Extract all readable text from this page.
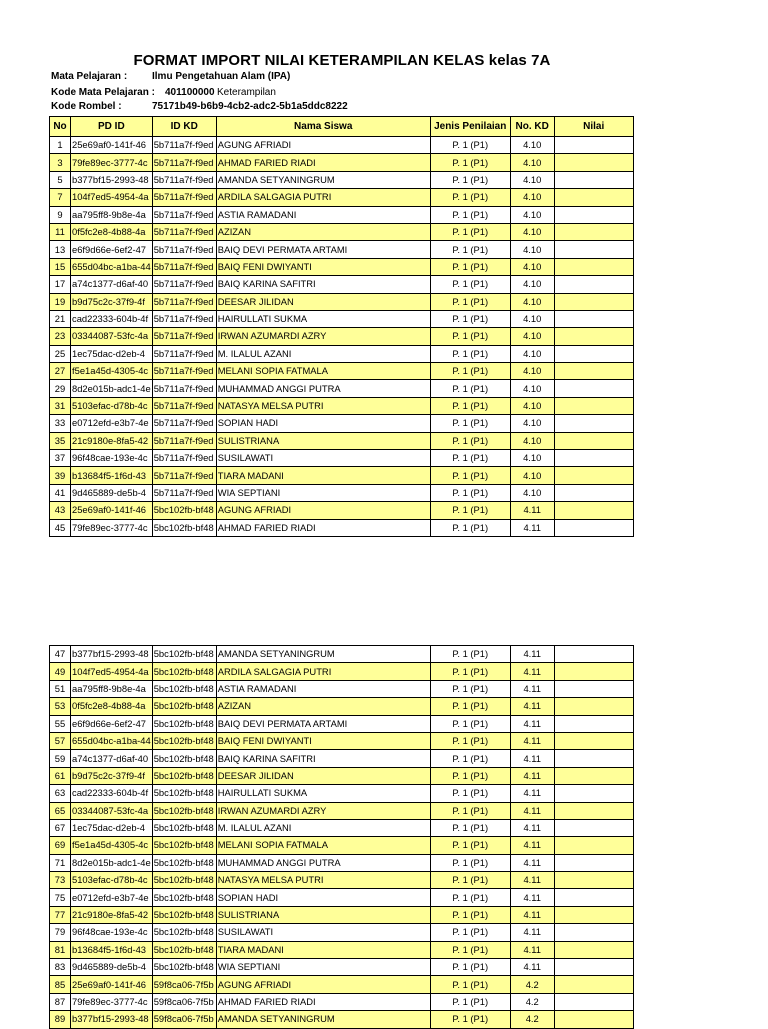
FORMAT IMPORT NILAI KETERAMPILAN KELAS kelas 7A
Mata Pelajaran : Ilmu Pengetahuan Alam (IPA)
Kode Mata Pelajaran : 401100000 Keterampilan
Kode Rombel :	75171b49-b6b9-4cb2-adc2-5b1a5ddc8222
No	PD ID	ID KD	Nama Siswa	Jenis Penilaian	No. KD	Nilai
1	25e69af0-141f-46	5b711a7f-f9ed	AGUNG AFRIADI	P. 1 (P1)	4.10	
3	79fe89ec-3777-4c	5b711a7f-f9ed	AHMAD FARIED RIADI	P. 1 (P1)	4.10	
5	b377bf15-2993-48	5b711a7f-f9ed	AMANDA SETYANINGRUM	P. 1 (P1)	4.10	
7	104f7ed5-4954-4a	5b711a7f-f9ed	ARDILA SALGAGIA PUTRI	P. 1 (P1)	4.10	
9	aa795ff8-9b8e-4a	5b711a7f-f9ed	ASTIA RAMADANI	P. 1 (P1)	4.10	
11	0f5fc2e8-4b88-4a	5b711a7f-f9ed	AZIZAN	P. 1 (P1)	4.10	
13	e6f9d66e-6ef2-47	5b711a7f-f9ed	BAIQ DEVI PERMATA ARTAMI	P. 1 (P1)	4.10	
15	655d04bc-a1ba-44	5b711a7f-f9ed	BAIQ FENI DWIYANTI	P. 1 (P1)	4.10	
17	a74c1377-d6af-40	5b711a7f-f9ed	BAIQ KARINA SAFITRI	P. 1 (P1)	4.10	
19	b9d75c2c-37f9-4f	5b711a7f-f9ed	DEESAR JILIDAN	P. 1 (P1)	4.10	
21	cad22333-604b-4f	5b711a7f-f9ed	HAIRULLATI SUKMA	P. 1 (P1)	4.10	
23	03344087-53fc-4a	5b711a7f-f9ed	IRWAN AZUMARDI AZRY	P. 1 (P1)	4.10	
25	1ec75dac-d2eb-4	5b711a7f-f9ed	M. ILALUL AZANI	P. 1 (P1)	4.10	
27	f5e1a45d-4305-4c	5b711a7f-f9ed	MELANI SOPIA FATMALA	P. 1 (P1)	4.10	
29	8d2e015b-adc1-4e	5b711a7f-f9ed	MUHAMMAD ANGGI PUTRA	P. 1 (P1)	4.10	
31	5103efac-d78b-4c	5b711a7f-f9ed	NATASYA MELSA PUTRI	P. 1 (P1)	4.10	
33	e0712efd-e3b7-4e	5b711a7f-f9ed	SOPIAN HADI	P. 1 (P1)	4.10	
35	21c9180e-8fa5-42	5b711a7f-f9ed	SULISTRIANA	P. 1 (P1)	4.10	
37	96f48cae-193e-4c	5b711a7f-f9ed	SUSILAWATI	P. 1 (P1)	4.10	
39	b13684f5-1f6d-43	5b711a7f-f9ed	TIARA MADANI	P. 1 (P1)	4.10	
41	9d465889-de5b-4	5b711a7f-f9ed	WIA SEPTIANI	P. 1 (P1)	4.10	
43	25e69af0-141f-46	5bc102fb-bf48	AGUNG AFRIADI	P. 1 (P1)	4.11	
45	79fe89ec-3777-4c	5bc102fb-bf48	AHMAD FARIED RIADI	P. 1 (P1)	4.11	
47	b377bf15-2993-48	5bc102fb-bf48	AMANDA SETYANINGRUM	P. 1 (P1)	4.11	
49	104f7ed5-4954-4a	5bc102fb-bf48	ARDILA SALGAGIA PUTRI	P. 1 (P1)	4.11	
51	aa795ff8-9b8e-4a	5bc102fb-bf48	ASTIA RAMADANI	P. 1 (P1)	4.11	
53	0f5fc2e8-4b88-4a	5bc102fb-bf48	AZIZAN	P. 1 (P1)	4.11	
55	e6f9d66e-6ef2-47	5bc102fb-bf48	BAIQ DEVI PERMATA ARTAMI	P. 1 (P1)	4.11	
57	655d04bc-a1ba-44	5bc102fb-bf48	BAIQ FENI DWIYANTI	P. 1 (P1)	4.11	
59	a74c1377-d6af-40	5bc102fb-bf48	BAIQ KARINA SAFITRI	P. 1 (P1)	4.11	
61	b9d75c2c-37f9-4f	5bc102fb-bf48	DEESAR JILIDAN	P. 1 (P1)	4.11	
63	cad22333-604b-4f	5bc102fb-bf48	HAIRULLATI SUKMA	P. 1 (P1)	4.11	
65	03344087-53fc-4a	5bc102fb-bf48	IRWAN AZUMARDI AZRY	P. 1 (P1)	4.11	
67	1ec75dac-d2eb-4	5bc102fb-bf48	M. ILALUL AZANI	P. 1 (P1)	4.11	
69	f5e1a45d-4305-4c	5bc102fb-bf48	MELANI SOPIA FATMALA	P. 1 (P1)	4.11	
71	8d2e015b-adc1-4e	5bc102fb-bf48	MUHAMMAD ANGGI PUTRA	P. 1 (P1)	4.11	
73	5103efac-d78b-4c	5bc102fb-bf48	NATASYA MELSA PUTRI	P. 1 (P1)	4.11	
75	e0712efd-e3b7-4e	5bc102fb-bf48	SOPIAN HADI	P. 1 (P1)	4.11	
77	21c9180e-8fa5-42	5bc102fb-bf48	SULISTRIANA	P. 1 (P1)	4.11	
79	96f48cae-193e-4c	5bc102fb-bf48	SUSILAWATI	P. 1 (P1)	4.11	
81	b13684f5-1f6d-43	5bc102fb-bf48	TIARA MADANI	P. 1 (P1)	4.11	
83	9d465889-de5b-4	5bc102fb-bf48	WIA SEPTIANI	P. 1 (P1)	4.11	
85	25e69af0-141f-46	59f8ca06-7f5b	AGUNG AFRIADI	P. 1 (P1)	4.2	
87	79fe89ec-3777-4c	59f8ca06-7f5b	AHMAD FARIED RIADI	P. 1 (P1)	4.2	
89	b377bf15-2993-48	59f8ca06-7f5b	AMANDA SETYANINGRUM	P. 1 (P1)	4.2	
